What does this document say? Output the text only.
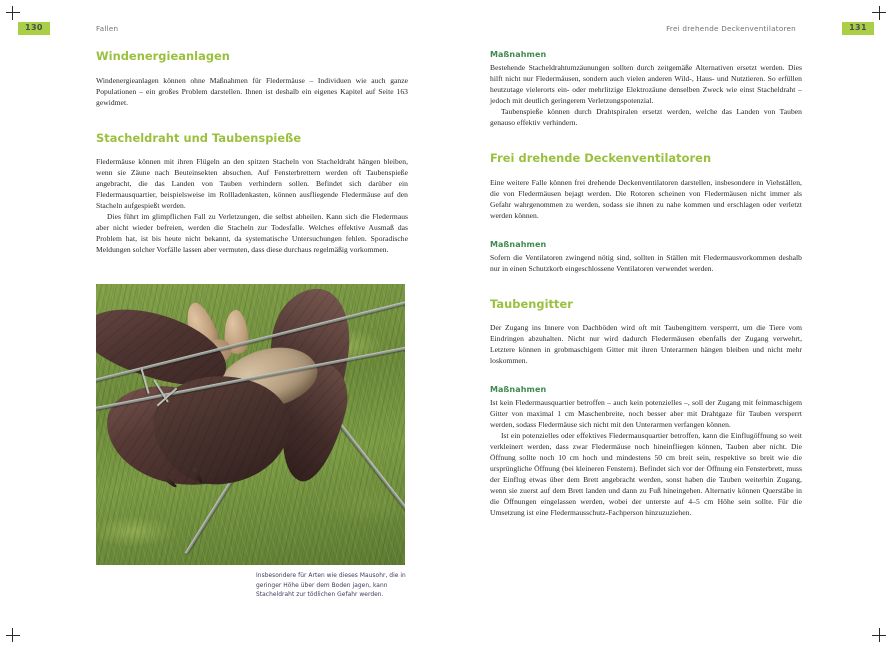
130	131
Fallen	Frei drehende Deckenventilatoren
Windenergieanlagen

Windenergieanlagen können ohne Maßnahmen für Fledermäuse – Individuen wie auch ganze Populationen – ein großes Problem darstellen. Ihnen ist deshalb ein eigenes Kapitel auf Seite 163 gewidmet.

Stacheldraht und Taubenspieße

Fledermäuse können mit ihren Flügeln an den spitzen Stacheln von Stacheldraht hängen bleiben, wenn sie Zäune nach Beuteinsekten absuchen. Auf Fensterbrettern werden oft Taubenspieße angebracht, die das Landen von Tauben verhindern sollen. Befindet sich darüber ein Fledermausquartier, beispielsweise im Rollladenkasten, können ausfliegende Fledermäuse auf den Stacheln aufgespießt werden.

Dies führt im glimpflichen Fall zu Verletzungen, die selbst abheilen. Kann sich die Fledermaus aber nicht wieder befreien, werden die Stacheln zur Todesfalle. Welches effektive Ausmaß das Problem hat, ist bis heute nicht bekannt, da systematische Untersuchungen fehlen. Sporadische Meldungen solcher Vorfälle lassen aber vermuten, dass diese durchaus regelmäßig vorkommen.

Insbesondere für Arten wie dieses Mausohr, die in geringer Höhe über dem Boden jagen, kann Stacheldraht zur tödlichen Gefahr werden.
Maßnahmen

Bestehende Stacheldrahtumzäunungen sollten durch zeitgemäße Alternativen ersetzt werden. Dies hilft nicht nur Fledermäusen, sondern auch vielen anderen Wild-, Haus- und Nutztieren. So erfüllen heutzutage vielerorts ein- oder mehrlitzige Elektrozäune denselben Zweck wie einst Stacheldraht – jedoch mit deutlich geringerem Verletzungspotenzial.

Taubenspieße können durch Drahtspiralen ersetzt werden, welche das Landen von Tauben genauso effektiv verhindern.

Frei drehende Deckenventilatoren

Eine weitere Falle können frei drehende Deckenventilatoren darstellen, insbesondere in Viehställen, die von Fledermäusen bejagt werden. Die Rotoren scheinen von Fledermäusen nicht immer als Gefahr wahrgenommen zu werden, sodass sie ihnen zu nahe kommen und erschlagen oder verletzt werden können.

Maßnahmen

Sofern die Ventilatoren zwingend nötig sind, sollten in Ställen mit Fledermausvorkommen deshalb nur in einen Schutzkorb eingeschlossene Ventilatoren verwendet werden.

Taubengitter

Der Zugang ins Innere von Dachböden wird oft mit Taubengittern versperrt, um die Tiere vom Eindringen abzuhalten. Nicht nur wird dadurch Fledermäusen ebenfalls der Zugang verwehrt, Letztere können in grobmaschigem Gitter mit ihren Unterarmen hängen bleiben und nicht mehr loskommen.

Maßnahmen

Ist kein Fledermausquartier betroffen – auch kein potenzielles –, soll der Zugang mit feinmaschigem Gitter von maximal 1 cm Maschenbreite, noch besser aber mit Drahtgaze für Tauben versperrt werden, sodass Fledermäuse sich nicht mit den Unterarmen verfangen können.

Ist ein potenzielles oder effektives Fledermausquartier betroffen, kann die Einflugöffnung so weit verkleinert werden, dass zwar Fledermäuse noch hineinfliegen können, Tauben aber nicht. Die Öffnung sollte noch 10 cm hoch und mindestens 50 cm breit sein, respektive so breit wie die ursprüngliche Öffnung (bei kleineren Fenstern). Befindet sich vor der Öffnung ein Fensterbrett, muss der Einflug etwas über dem Brett angebracht werden, sonst haben die Tauben weiterhin Zugang, wenn sie zuerst auf dem Brett landen und dann zu Fuß hineingehen. Alternativ können Querstäbe in die Öffnungen eingelassen werden, wobei der unterste auf 4–5 cm Höhe sein sollte. Für die Umsetzung ist eine Fledermausschutz-Fachperson hinzuzuziehen.
